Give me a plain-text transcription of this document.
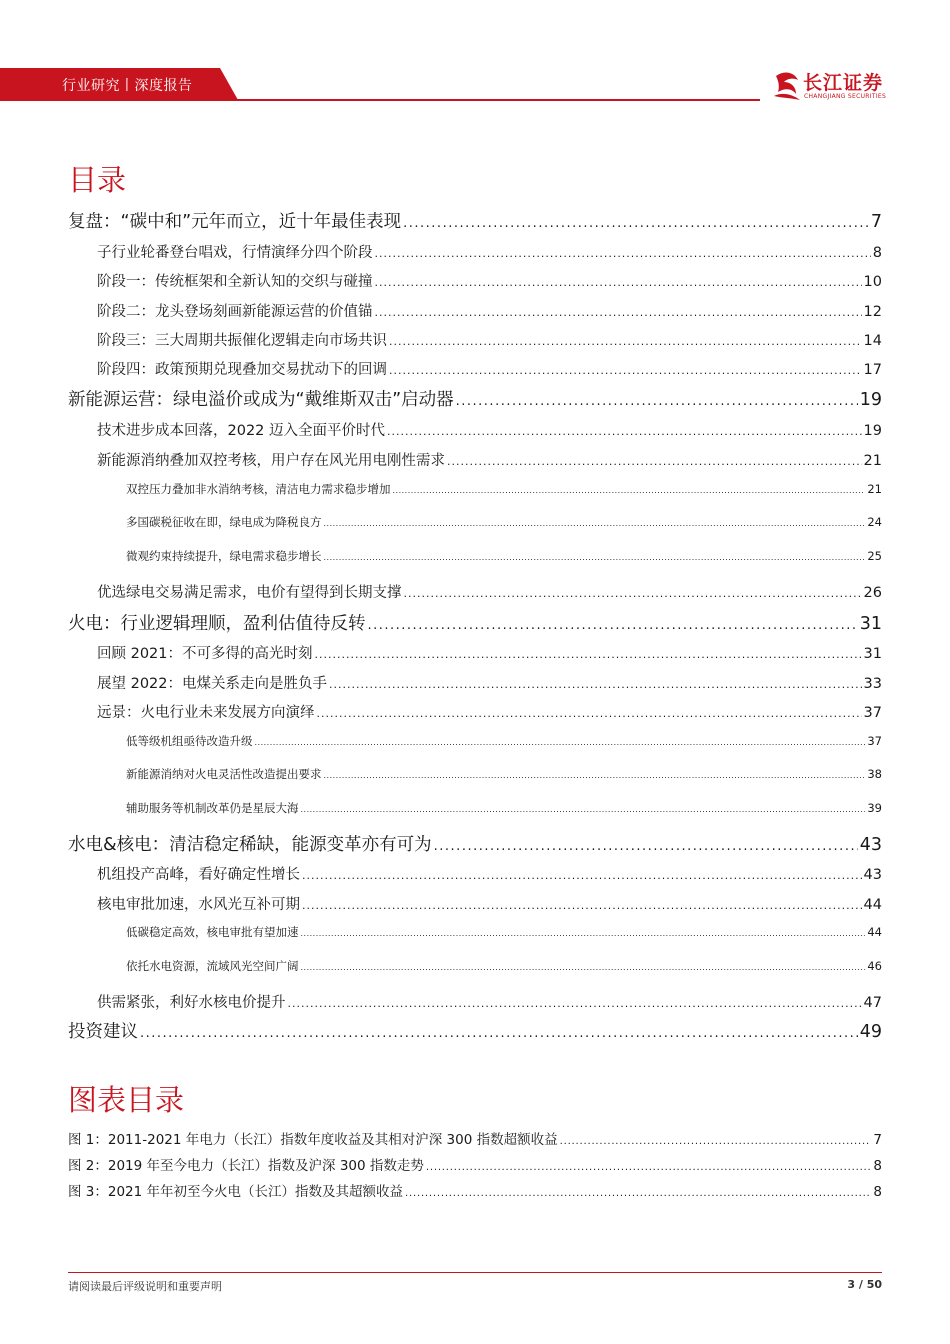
行业研究丨深度报告	长江证券
CHANGJIANG SECURITIES
目录
复盘：“碳中和”元年而立，近十年最佳表现 .....	7
子行业轮番登台唱戏，行情演绎分四个阶段 .....	8
阶段一：传统框架和全新认知的交织与碰撞 .....	10
阶段二：龙头登场刻画新能源运营的价值锚 .....	12
阶段三：三大周期共振催化逻辑走向市场共识 .....	14
阶段四：政策预期兑现叠加交易扰动下的回调 .....	17
新能源运营：绿电溢价或成为“戴维斯双击”启动器 .....	19
技术进步成本回落，2022 迈入全面平价时代 .....	19
新能源消纳叠加双控考核，用户存在风光用电刚性需求 .....	21
双控压力叠加非水消纳考核，清洁电力需求稳步增加 .....	21
多国碳税征收在即，绿电成为降税良方 .....	24
微观约束持续提升，绿电需求稳步增长 .....	25
优选绿电交易满足需求，电价有望得到长期支撑 .....	26
火电：行业逻辑理顺，盈利估值待反转 .....	31
回顾 2021：不可多得的高光时刻 .....	31
展望 2022：电煤关系走向是胜负手 .....	33
远景：火电行业未来发展方向演绎 .....	37
低等级机组亟待改造升级 .....	37
新能源消纳对火电灵活性改造提出要求 .....	38
辅助服务等机制改革仍是星辰大海 .....	39
水电&核电：清洁稳定稀缺，能源变革亦有可为 .....	43
机组投产高峰，看好确定性增长 .....	43
核电审批加速，水风光互补可期 .....	44
低碳稳定高效，核电审批有望加速 .....	44
依托水电资源，流域风光空间广阔 .....	46
供需紧张，利好水核电价提升 .....	47
投资建议 .....	49
图表目录
图 1：2011-2021 年电力（长江）指数年度收益及其相对沪深 300 指数超额收益 .....	7
图 2：2019 年至今电力（长江）指数及沪深 300 指数走势 .....	8
图 3：2021 年年初至今火电（长江）指数及其超额收益 .....	8
请阅读最后评级说明和重要声明	3 / 50
